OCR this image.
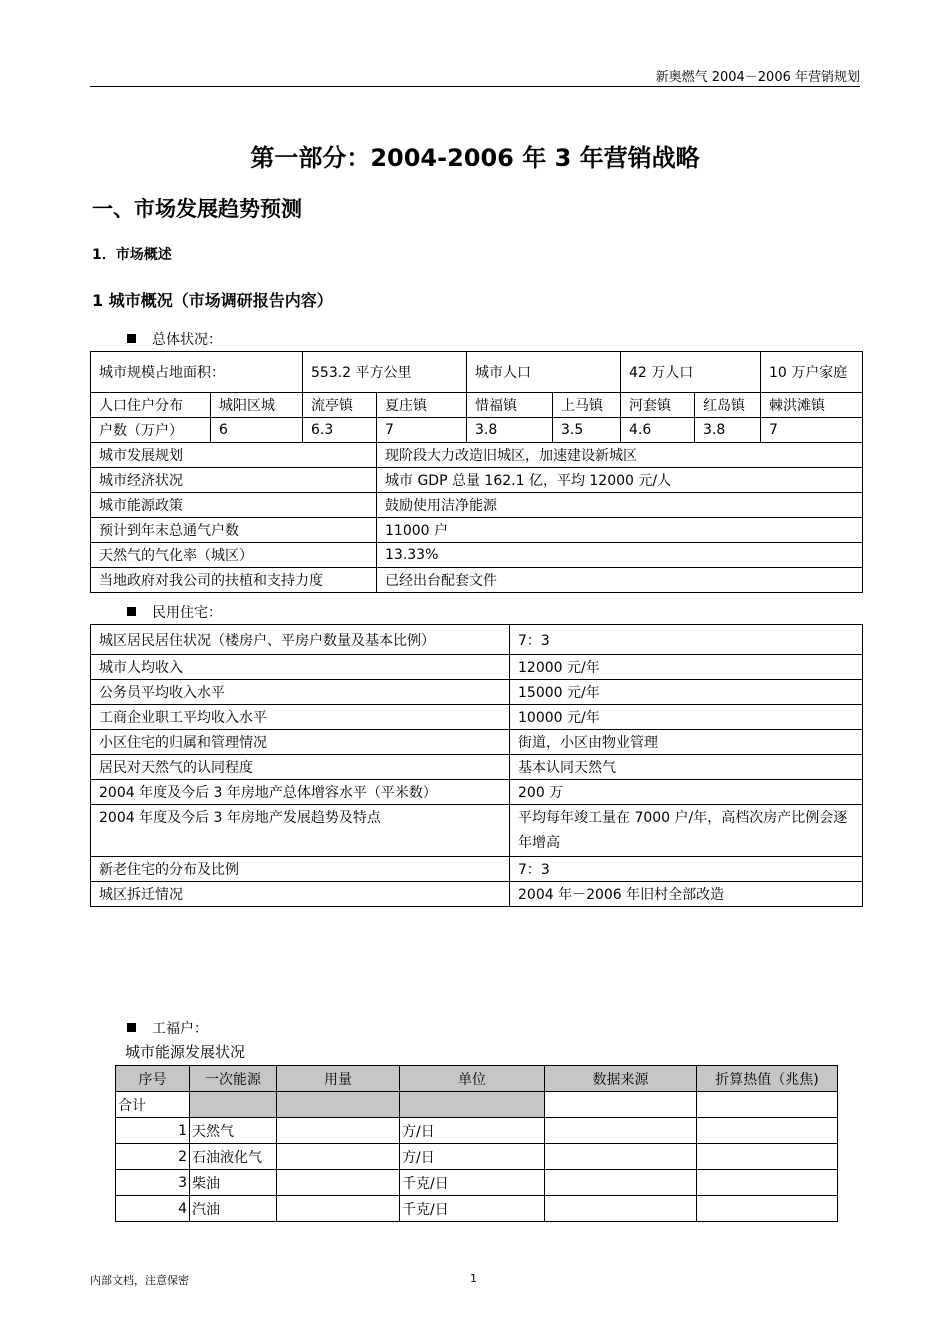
新奥燃气 2004－2006 年营销规划
第一部分：2004-2006 年 3 年营销战略
一、市场发展趋势预测
1．市场概述
1 城市概况（市场调研报告内容）
总体状况：
城市规模占地面积：		553.2 平方公里		城市人口		42 万人口		10 万户家庭
人口住户分布	城阳区城	流亭镇	夏庄镇	惜福镇	上马镇	河套镇	红岛镇	棘洪滩镇
户数（万户）	6	6.3	7	3.8	3.5	4.6	3.8	7
城市发展规划			现阶段大力改造旧城区，加速建设新城区					
城市经济状况			城市 GDP 总量 162.1 亿，平均 12000 元/人					
城市能源政策			鼓励使用洁净能源					
预计到年末总通气户数			11000 户					
天然气的气化率（城区）			13.33%					
当地政府对我公司的扶植和支持力度			已经出台配套文件					
民用住宅：
城区居民居住状况（楼房户、平房户数量及基本比例）	7：3
城市人均收入	12000 元/年
公务员平均收入水平	15000 元/年
工商企业职工平均收入水平	10000 元/年
小区住宅的归属和管理情况	街道，小区由物业管理
居民对天然气的认同程度	基本认同天然气
2004 年度及今后 3 年房地产总体增容水平（平米数）	200 万
2004 年度及今后 3 年房地产发展趋势及特点	平均每年竣工量在 7000 户/年，高档次房产比例会逐年增高
新老住宅的分布及比例	7：3
城区拆迁情况	2004 年－2006 年旧村全部改造
工福户：
城市能源发展状况
序号	一次能源	用量	单位	数据来源	折算热值（兆焦)
合计					
1	天然气		方/日		
2	石油液化气		方/日		
3	柴油		千克/日		
4	汽油		千克/日		
内部文档，注意保密	1
